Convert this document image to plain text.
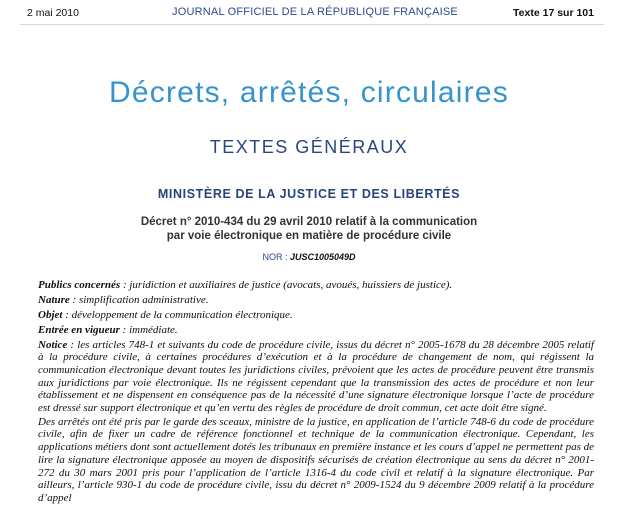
2 mai 2010	JOURNAL OFFICIEL DE LA RÉPUBLIQUE FRANÇAISE	Texte 17 sur 101
Décrets, arrêtés, circulaires
TEXTES GÉNÉRAUX
MINISTÈRE DE LA JUSTICE ET DES LIBERTÉS
Décret n° 2010-434 du 29 avril 2010 relatif à la communication
par voie électronique en matière de procédure civile
NOR : JUSC1005049D

Publics concernés : juridiction et auxiliaires de justice (avocats, avoués, huissiers de justice).

Nature : simplification administrative.

Objet : développement de la communication électronique.

Entrée en vigueur : immédiate.

Notice : les articles 748-1 et suivants du code de procédure civile, issus du décret n° 2005-1678 du 28 décembre 2005 relatif à la procédure civile, à certaines procédures d’exécution et à la procédure de changement de nom, qui régissent la communication électronique devant toutes les juridictions civiles, prévoient que les actes de procédure peuvent être transmis aux juridictions par voie électronique. Ils ne régissent cependant que la transmission des actes de procédure et non leur établissement et ne dispensent en conséquence pas de la nécessité d’une signature électronique lorsque l’acte de procédure est dressé sur support électronique et qu’en vertu des règles de procédure de droit commun, cet acte doit être signé.

Des arrêtés ont été pris par le garde des sceaux, ministre de la justice, en application de l’article 748-6 du code de procédure civile, afin de fixer un cadre de référence fonctionnel et technique de la communication électronique. Cependant, les applications métiers dont sont actuellement dotés les tribunaux en première instance et les cours d’appel ne permettent pas de lire la signature électronique apposée au moyen de dispositifs sécurisés de création électronique au sens du décret n° 2001-272 du 30 mars 2001 pris pour l’application de l’article 1316-4 du code civil et relatif à la signature électronique. Par ailleurs, l’article 930-1 du code de procédure civile, issu du décret n° 2009-1524 du 9 décembre 2009 relatif à la procédure d’appel
